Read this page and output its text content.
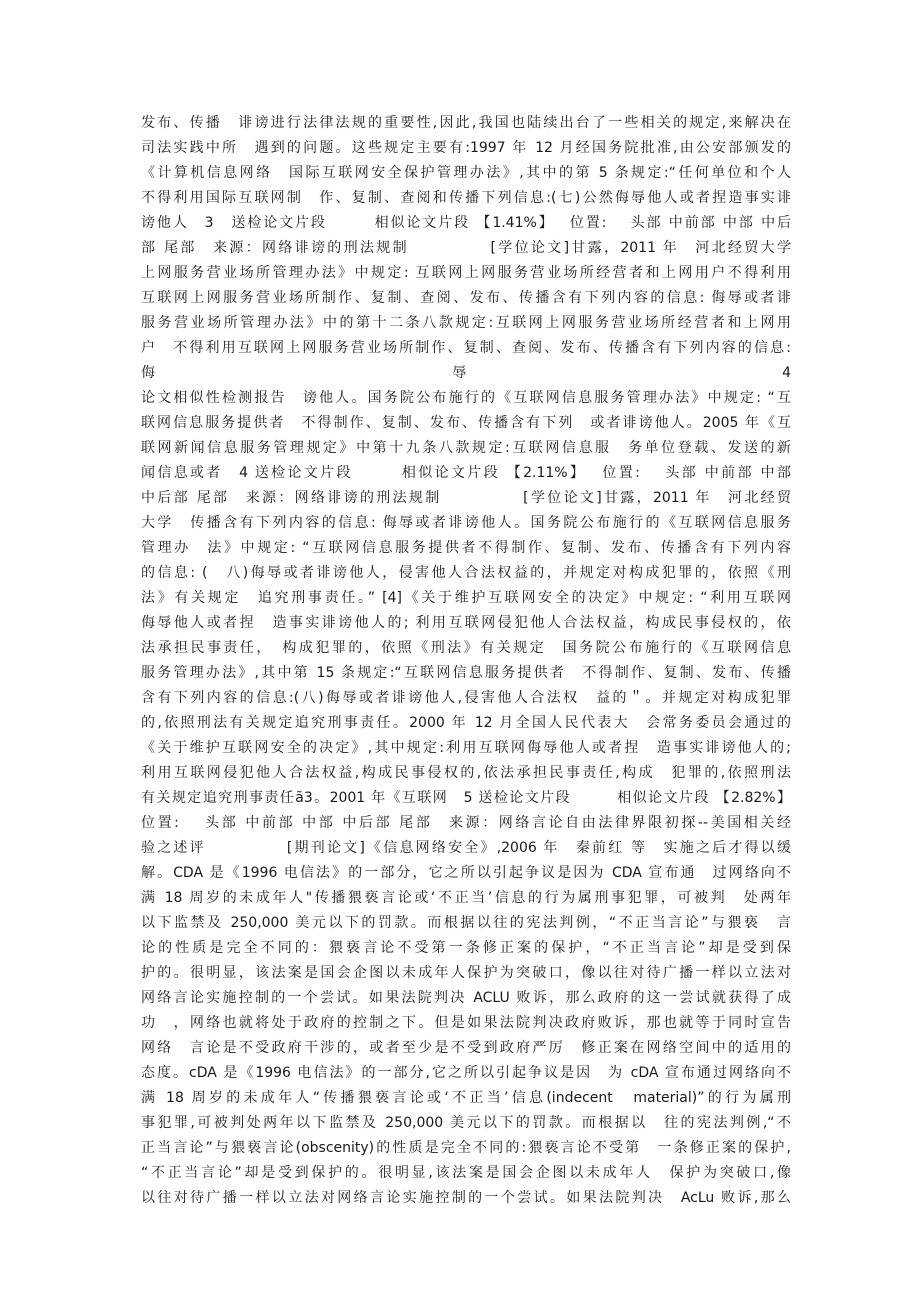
发布、传播　诽谤进行法律法规的重要性,因此,我国也陆续出台了一些相关的规定,来解决在
司法实践中所　遇到的问题。这些规定主要有:1997 年 12 月经国务院批准,由公安部颁发的
《计算机信息网络　国际互联网安全保护管理办法》,其中的第 5 条规定:“任何单位和个人
不得利用国际互联网制　作、复制、查阅和传播下列信息:(七)公然侮辱他人或者捏造事实诽
谤他人　3　送检论文片段　　　相似论文片段 【1.41%】　 位置:　 头部 中前部 中部 中后
部 尾部　来源：网络诽谤的刑法规制　　　　　[学位论文]甘露，2011 年　河北经贸大学
上网服务营业场所管理办法》中规定: 互联网上网服务营业场所经营者和上网用户不得利用
互联网上网服务营业场所制作、复制、查阅、发布、传播含有下列内容的信息: 侮辱或者诽
服务营业场所管理办法》中的第十二条八款规定:互联网上网服务营业场所经营者和上网用
户　不得利用互联网上网服务营业场所制作、复制、查阅、发布、传播含有下列内容的信息:
侮　　　　　　　　　　　　　　　　辱　　　　　　　　　　　　　　　　　4
论文相似性检测报告　谤他人。国务院公布施行的《互联网信息服务管理办法》中规定: “互
联网信息服务提供者　不得制作、复制、发布、传播含有下列　或者诽谤他人。2005 年《互
联网新闻信息服务管理规定》中第十九条八款规定:互联网信息服　务单位登载、发送的新
闻信息或者　4 送检论文片段　　　相似论文片段 【2.11%】　 位置:　 头部 中前部 中部
中后部 尾部　来源：网络诽谤的刑法规制　　　　　[学位论文]甘露，2011 年　河北经贸
大学　传播含有下列内容的信息: 侮辱或者诽谤他人。国务院公布施行的《互联网信息服务
管理办　法》中规定: “互联网信息服务提供者不得制作、复制、发布、传播含有下列内容
的信息: (　八)侮辱或者诽谤他人，侵害他人合法权益的，并规定对构成犯罪的，依照《刑
法》有关规定　追究刑事责任。” [4]《关于维护互联网安全的决定》中规定: “利用互联网
侮辱他人或者捏　造事实诽谤他人的; 利用互联网侵犯他人合法权益，构成民事侵权的，依
法承担民事责任，　构成犯罪的，依照《刑法》有关规定　国务院公布施行的《互联网信息
服务管理办法》,其中第 15 条规定:“互联网信息服务提供者　不得制作、复制、发布、传播
含有下列内容的信息:(八)侮辱或者诽谤他人,侵害他人合法权　益的＂。并规定对构成犯罪
的,依照刑法有关规定追究刑事责任。2000 年 12 月全国人民代表大　会常务委员会通过的
《关于维护互联网安全的决定》,其中规定:利用互联网侮辱他人或者捏　造事实诽谤他人的;
利用互联网侵犯他人合法权益,构成民事侵权的,依法承担民事责任,构成　犯罪的,依照刑法
有关规定追究刑事责任ã3。2001 年《互联网　5 送检论文片段　　　相似论文片段 【2.82%】
位置:　 头部 中前部 中部 中后部 尾部　来源：网络言论自由法律界限初探--美国相关经
验之述评　　　　　[期刊论文]《信息网络安全》,2006 年　秦前红 等　实施之后才得以缓
解。CDA 是《1996 电信法》的一部分，它之所以引起争议是因为 CDA 宣布通　过网络向不
满 18 周岁的未成年人"传播猥亵言论或‘不正当’信息的行为属刑事犯罪，可被判　处两年
以下监禁及 250,000 美元以下的罚款。而根据以往的宪法判例，“不正当言论”与猥亵　言
论的性质是完全不同的：猥亵言论不受第一条修正案的保护，“不正当言论”却是受到保
护的。很明显，该法案是国会企图以未成年人保护为突破口，像以往对待广播一样以立法对
网络言论实施控制的一个尝试。如果法院判决 ACLU 败诉，那么政府的这一尝试就获得了成
功　，网络也就将处于政府的控制之下。但是如果法院判决政府败诉，那也就等于同时宣告
网络　言论是不受政府干涉的，或者至少是不受到政府严厉　修正案在网络空间中的适用的
态度。cDA 是《1996 电信法》的一部分,它之所以引起争议是因　为 cDA 宣布通过网络向不
满 18 周岁的未成年人“传播猥亵言论或‘不正当’信息(indecent　material)”的行为属刑
事犯罪,可被判处两年以下监禁及 250,000 美元以下的罚款。而根据以　往的宪法判例,“不
正当言论”与猥亵言论(obscenity)的性质是完全不同的:猥亵言论不受第　一条修正案的保护,
“不正当言论”却是受到保护的。很明显,该法案是国会企图以未成年人　保护为突破口,像
以往对待广播一样以立法对网络言论实施控制的一个尝试。如果法院判决　AcLu 败诉,那么
